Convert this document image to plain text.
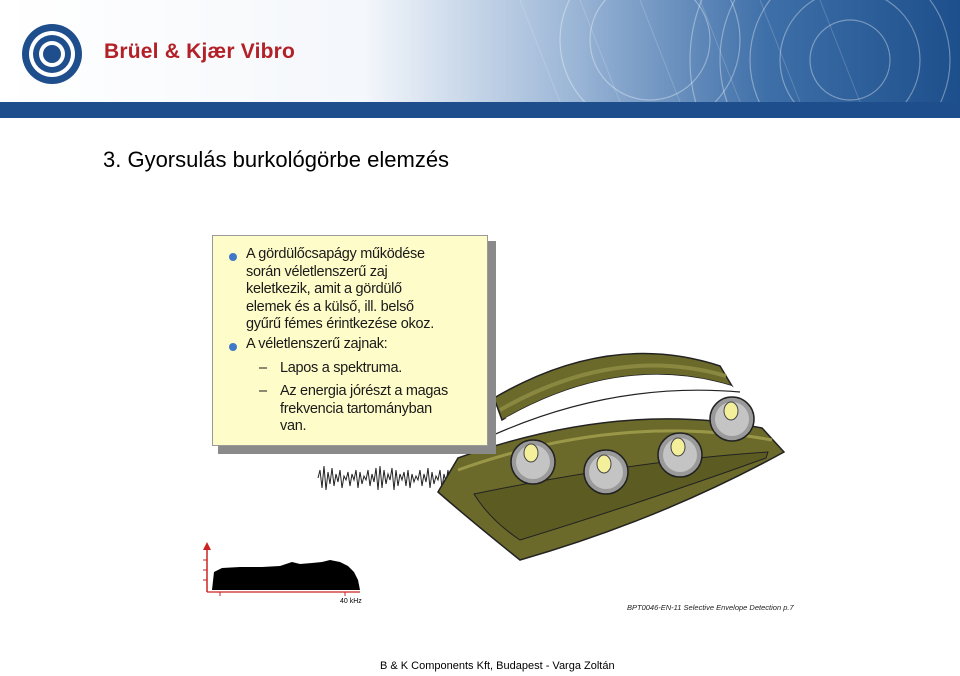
Brüel & Kjær Vibro
3. Gyorsulás burkológörbe elemzés
A gördülőcsapágy működése
során véletlenszerű zaj
keletkezik, amit a gördülő
elemek és a külső, ill. belső
gyűrű fémes érintkezése okoz.
A véletlenszerű zajnak:
– Lapos a spektruma.
– Az energia jórészt a magas
frekvencia tartományban
van.
40 kHz
BPT0046-EN-11 Selective Envelope Detection p.7
B & K Components Kft, Budapest - Varga Zoltán
